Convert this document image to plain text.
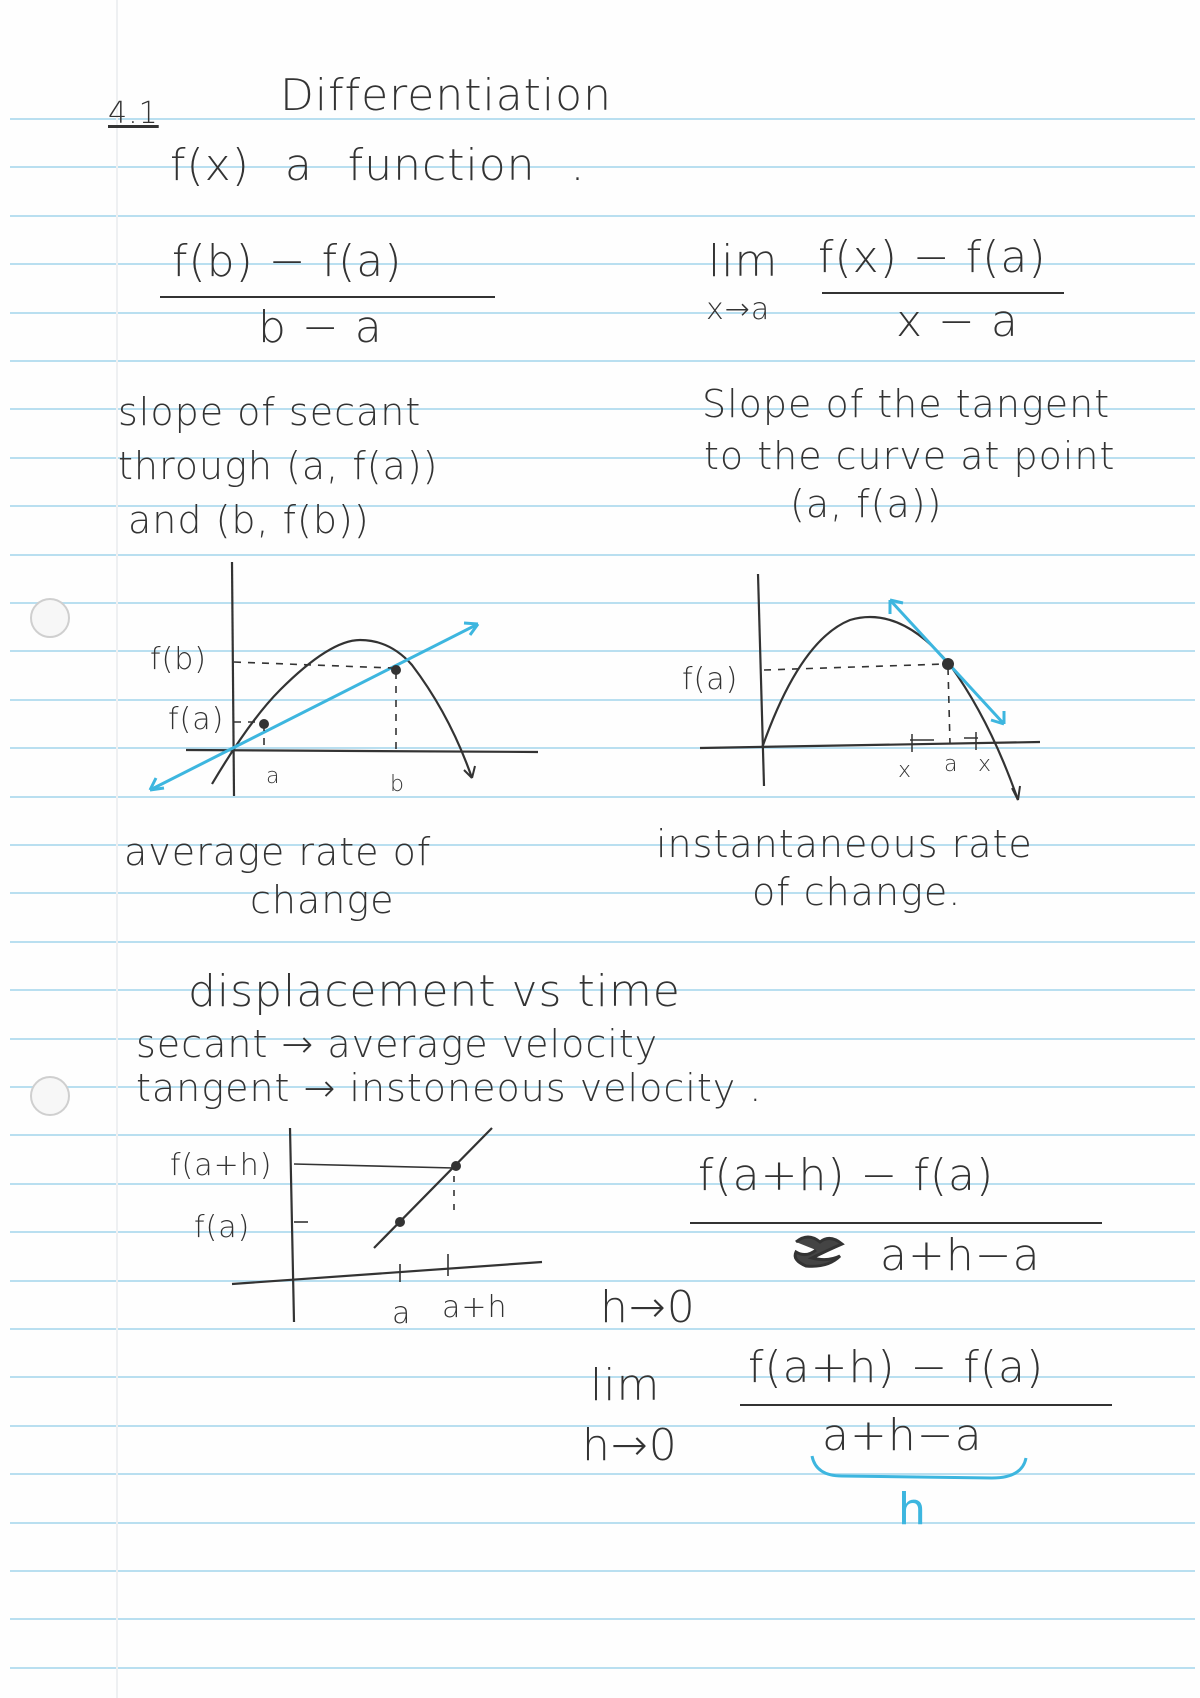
4.1	Differentiation
f(x) a function .
f(b) − f(a)
b − a
lim
x→a
f(x) − f(a)
x − a
slope of secant
through (a, f(a))
and (b, f(b))
Slope of the tangent
to the curve at point
(a, f(a))
f(b)
f(a)
a	b
average rate of
change
f(a)
x a x
instantaneous rate
of change.
displacement vs time
secant → average velocity
tangent → instoneous velocity .
f(a+h)
f(a)
a a+h
f(a+h) − f(a)
a+h−a
h→0
lim
h→0
f(a+h) − f(a)
a+h−a
h
